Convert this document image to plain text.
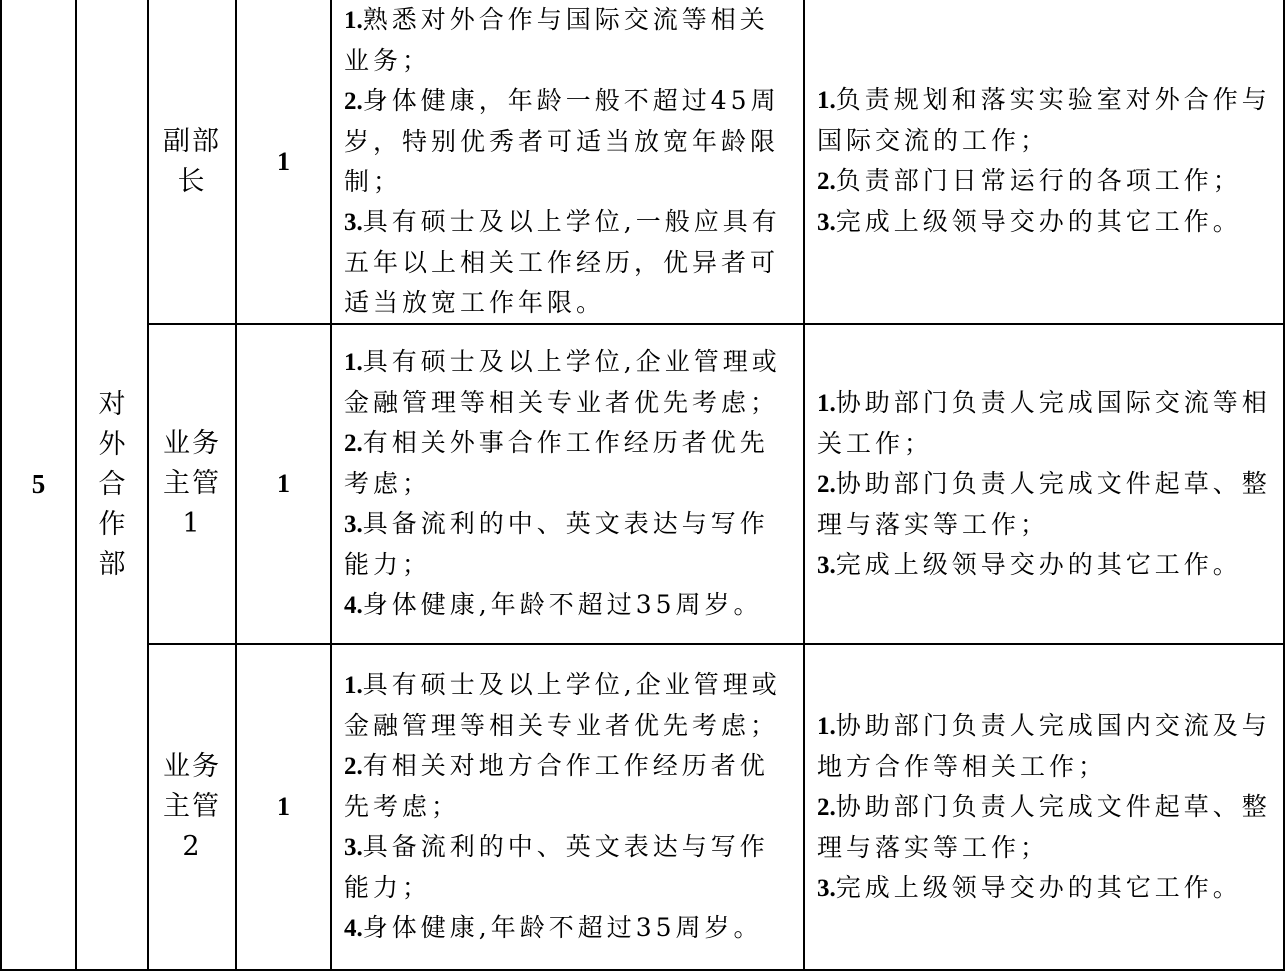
5	对外合作部	副部长	1	1.熟悉对外合作与国际交流等相关业务；
2.身体健康，年龄一般不超过45周岁，特别优秀者可适当放宽年龄限制；
3.具有硕士及以上学位,一般应具有五年以上相关工作经历，优异者可适当放宽工作年限。	1.负责规划和落实实验室对外合作与国际交流的工作；
2.负责部门日常运行的各项工作；
3.完成上级领导交办的其它工作。

		业务主管1	1	1.具有硕士及以上学位,企业管理或金融管理等相关专业者优先考虑；
2.有相关外事合作工作经历者优先考虑；
3.具备流利的中、英文表达与写作能力；
4.身体健康,年龄不超过35周岁。	1.协助部门负责人完成国际交流等相关工作；
2.协助部门负责人完成文件起草、整理与落实等工作；
3.完成上级领导交办的其它工作。

		业务主管2	1	1.具有硕士及以上学位,企业管理或金融管理等相关专业者优先考虑；
2.有相关对地方合作工作经历者优先考虑；
3.具备流利的中、英文表达与写作能力；
4.身体健康,年龄不超过35周岁。	1.协助部门负责人完成国内交流及与地方合作等相关工作；
2.协助部门负责人完成文件起草、整理与落实等工作；
3.完成上级领导交办的其它工作。
